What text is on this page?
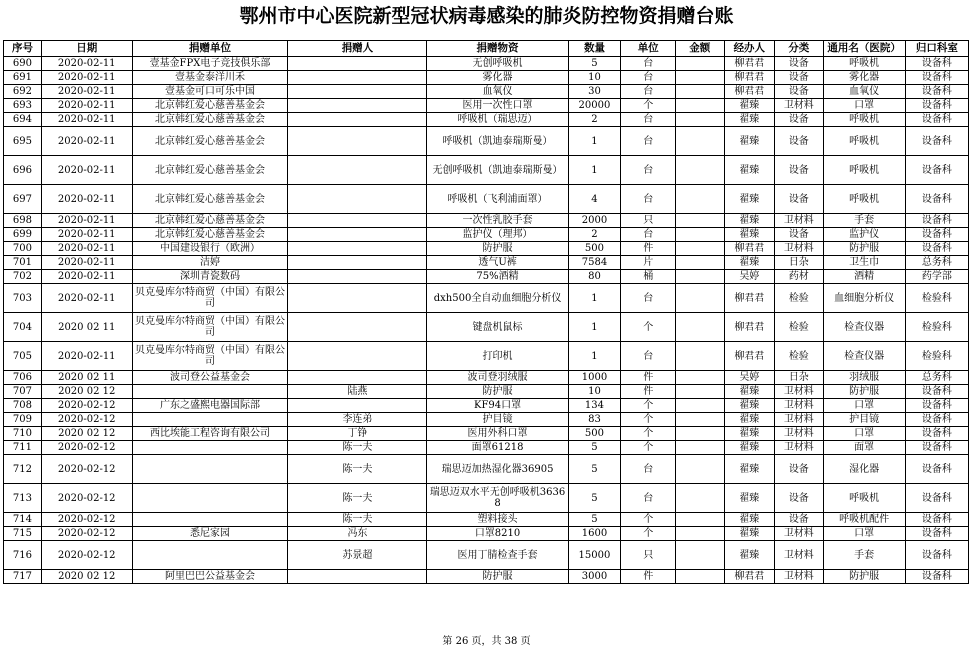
鄂州市中心医院新型冠状病毒感染的肺炎防控物资捐赠台账
序号	日期	捐赠单位	捐赠人	捐赠物资	数量	单位	金额	经办人	分类	通用名（医院）	归口科室
690	2020-02-11	壹基金FPX电子竞技俱乐部		无创呼吸机	5	台		柳君君	设备	呼吸机	设备科
691	2020-02-11	壹基金泰洋川禾		雾化器	10	台		柳君君	设备	雾化器	设备科
692	2020-02-11	壹基金可口可乐中国		血氧仪	30	台		柳君君	设备	血氧仪	设备科
693	2020-02-11	北京韩红爱心慈善基金会		医用一次性口罩	20000	个		翟臻	卫材料	口罩	设备科
694	2020-02-11	北京韩红爱心慈善基金会		呼吸机（瑞思迈）	2	台		翟臻	设备	呼吸机	设备科
695	2020-02-11	北京韩红爱心慈善基金会		呼吸机（凯迪泰瑞斯曼）	1	台		翟臻	设备	呼吸机	设备科
696	2020-02-11	北京韩红爱心慈善基金会		无创呼吸机（凯迪泰瑞斯曼）	1	台		翟臻	设备	呼吸机	设备科
697	2020-02-11	北京韩红爱心慈善基金会		呼吸机（飞利浦面罩）	4	台		翟臻	设备	呼吸机	设备科
698	2020-02-11	北京韩红爱心慈善基金会		一次性乳胶手套	2000	只		翟臻	卫材料	手套	设备科
699	2020-02-11	北京韩红爱心慈善基金会		监护仪（理邦）	2	台		翟臻	设备	监护仪	设备科
700	2020-02-11	中国建设银行（欧洲）		防护服	500	件		柳君君	卫材料	防护服	设备科
701	2020-02-11	洁婷		透气U裤	7584	片		翟臻	日杂	卫生巾	总务科
702	2020-02-11	深圳青瓷数码		75%酒精	80	桶		吴婷	药材	酒精	药学部
703	2020-02-11	贝克曼库尔特商贸（中国）有限公司		dxh500全自动血细胞分析仪	1	台		柳君君	检验	血细胞分析仪	检验科
704	2020 02 11	贝克曼库尔特商贸（中国）有限公司		键盘机鼠标	1	个		柳君君	检验	检查仪器	检验科
705	2020-02-11	贝克曼库尔特商贸（中国）有限公司		打印机	1	台		柳君君	检验	检查仪器	检验科
706	2020 02 11	波司登公益基金会		波司登羽绒服	1000	件		吴婷	日杂	羽绒服	总务科
707	2020 02 12		陆燕	防护服	10	件		翟臻	卫材料	防护服	设备科
708	2020-02-12	广东之盛熙电器国际部		KF94口罩	134	个		翟臻	卫材料	口罩	设备科
709	2020-02-12		李连弟	护目镜	83	个		翟臻	卫材料	护目镜	设备科
710	2020 02 12	西比埃能工程咨询有限公司	丁铮	医用外科口罩	500	个		翟臻	卫材料	口罩	设备科
711	2020-02-12		陈一夫	面罩61218	5	个		翟臻	卫材料	面罩	设备科
712	2020-02-12		陈一夫	瑞思迈加热湿化器36905	5	台		翟臻	设备	湿化器	设备科
713	2020-02-12		陈一夫	瑞思迈双水平无创呼吸机36368	5	台		翟臻	设备	呼吸机	设备科
714	2020-02-12		陈一夫	塑料接头	5	个		翟臻	设备	呼吸机配件	设备科
715	2020-02-12	悉尼家园	冯东	口罩8210	1600	个		翟臻	卫材料	口罩	设备科
716	2020-02-12		苏景超	医用丁腈检查手套	15000	只		翟臻	卫材料	手套	设备科
717	2020 02 12	阿里巴巴公益基金会		防护服	3000	件		柳君君	卫材料	防护服	设备科
第 26 页，共 38 页
